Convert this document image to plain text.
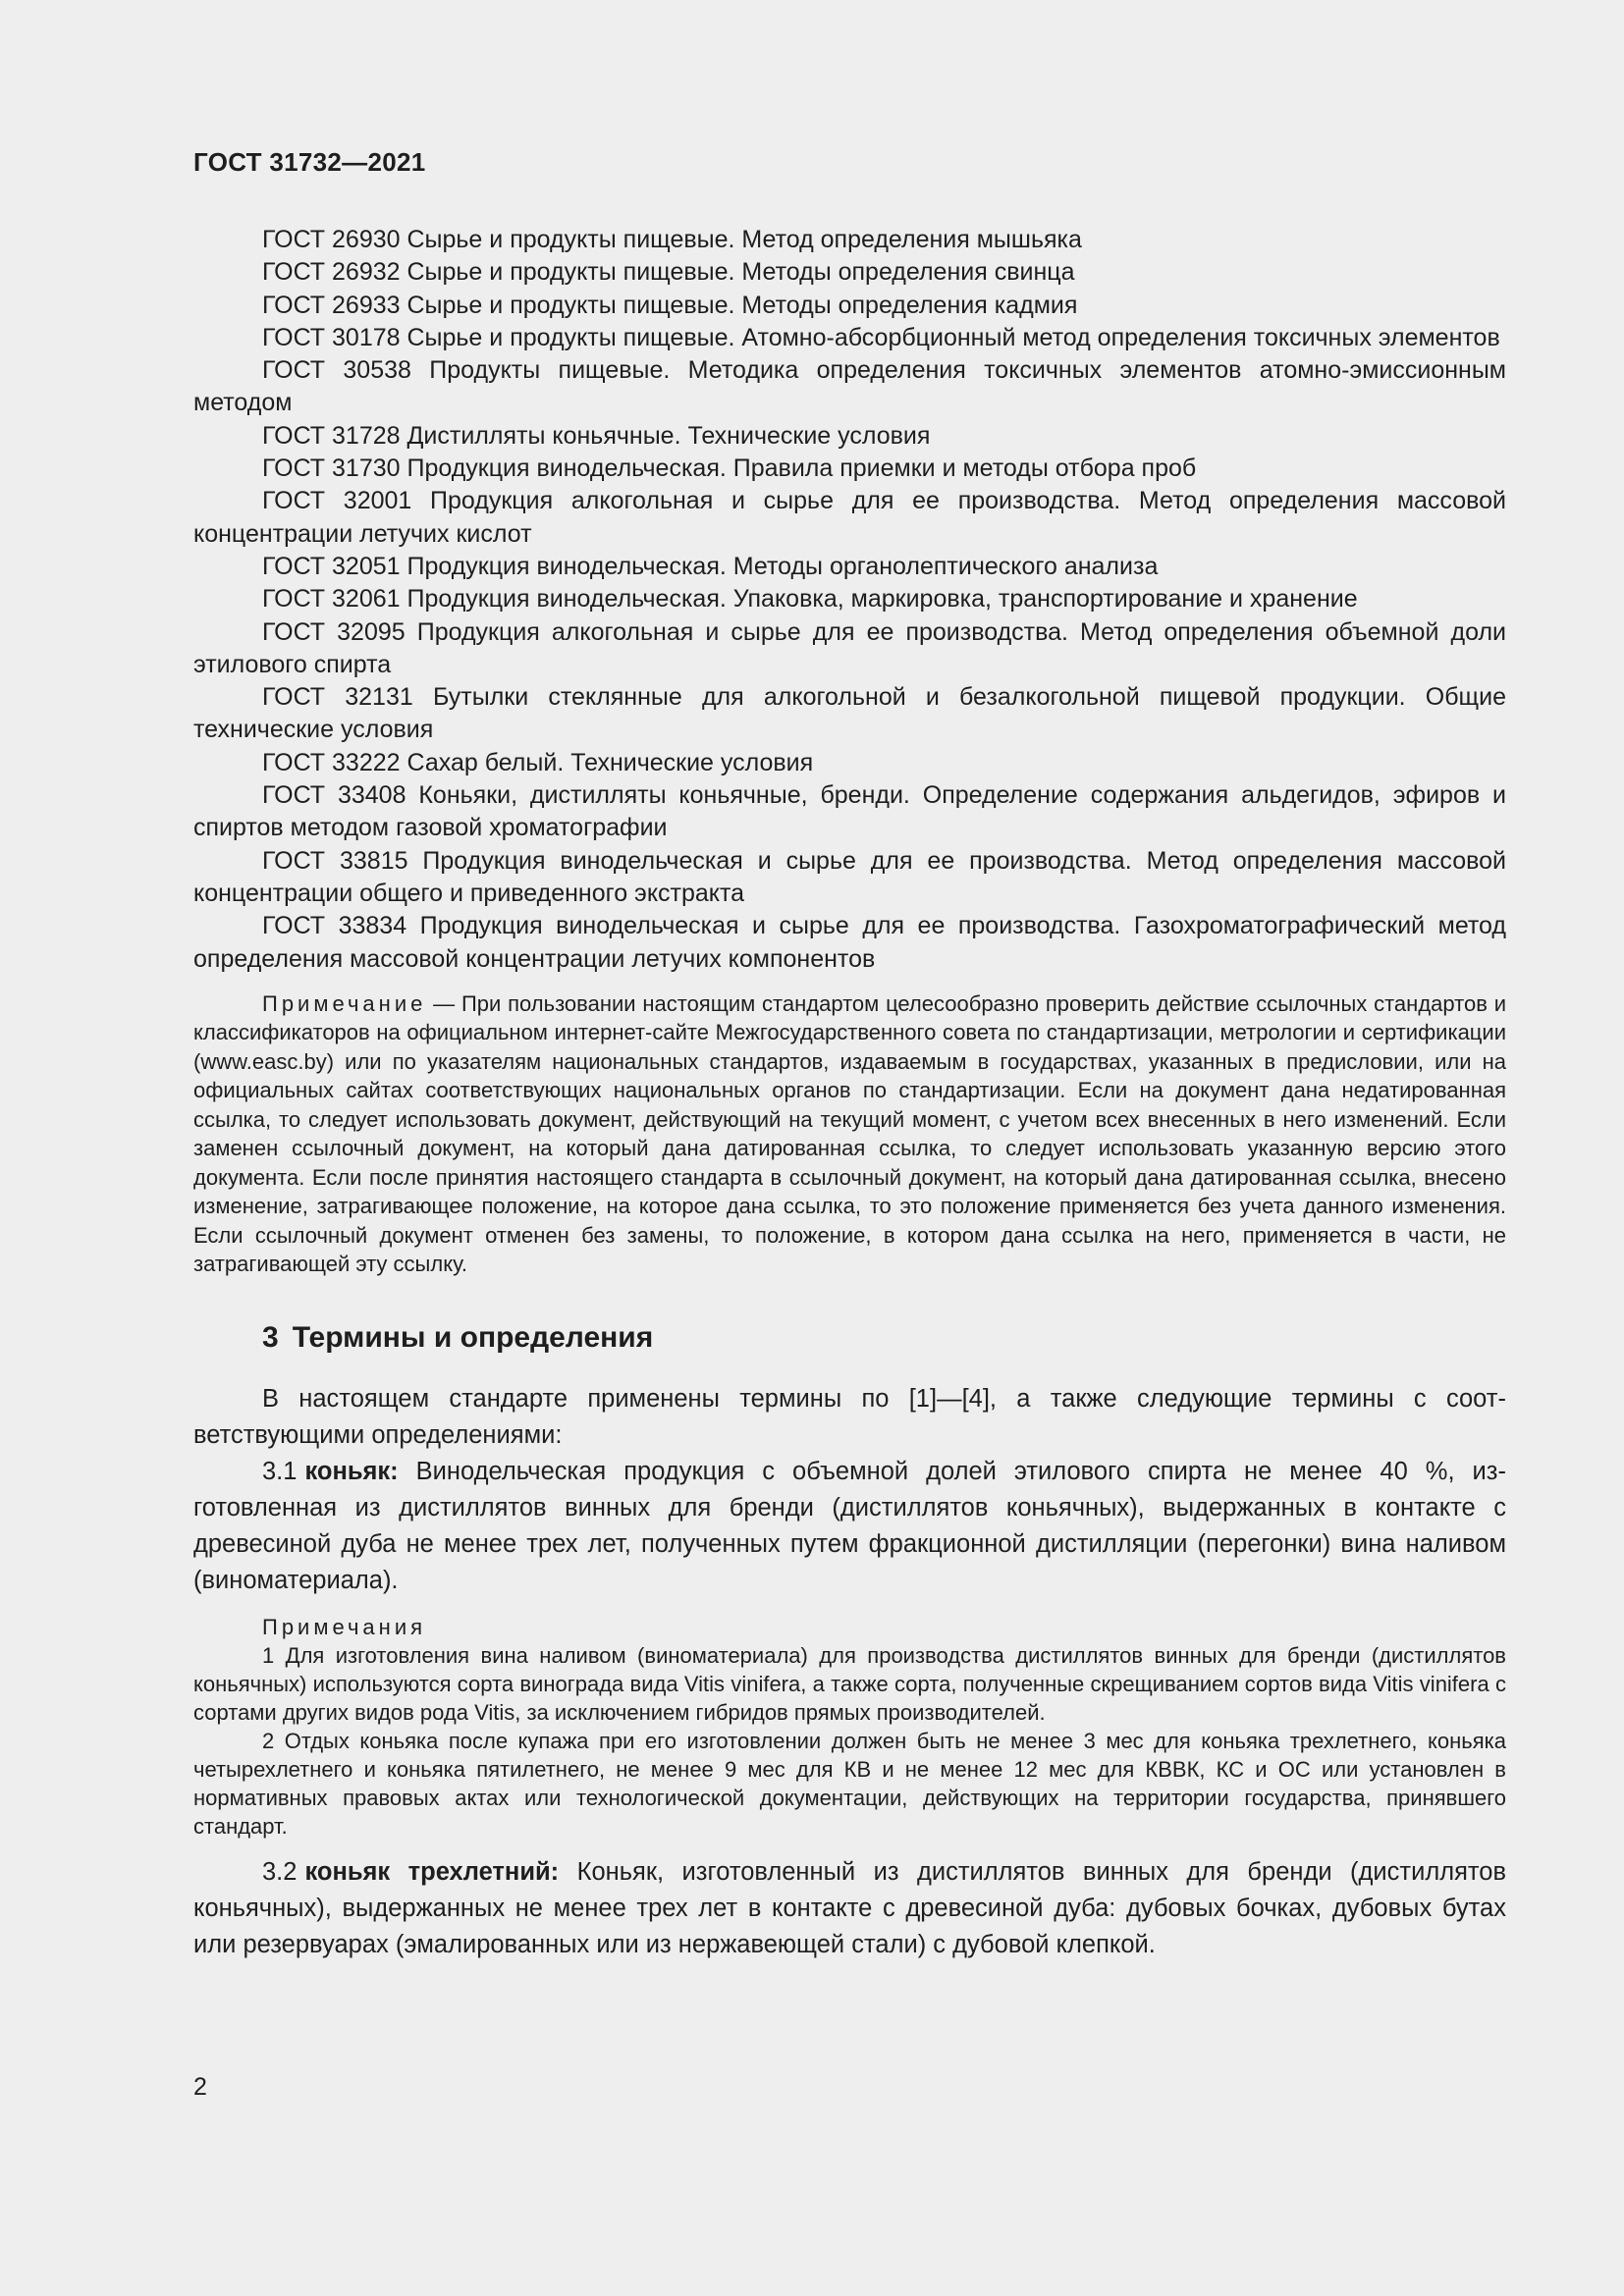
ГОСТ 31732—2021

ГОСТ 26930 Сырье и продукты пищевые. Метод определения мышьяка

ГОСТ 26932 Сырье и продукты пищевые. Методы определения свинца

ГОСТ 26933 Сырье и продукты пищевые. Методы определения кадмия

ГОСТ 30178 Сырье и продукты пищевые. Атомно-абсорбционный метод определения токсичных элементов

ГОСТ 30538 Продукты пищевые. Методика определения токсичных элементов атомно-эмиссионным методом

ГОСТ 31728 Дистилляты коньячные. Технические условия

ГОСТ 31730 Продукция винодельческая. Правила приемки и методы отбора проб

ГОСТ 32001 Продукция алкогольная и сырье для ее производства. Метод определения массовой концентрации летучих кислот

ГОСТ 32051 Продукция винодельческая. Методы органолептического анализа

ГОСТ 32061 Продукция винодельческая. Упаковка, маркировка, транспортирование и хранение

ГОСТ 32095 Продукция алкогольная и сырье для ее производства. Метод определения объемной доли этилового спирта

ГОСТ 32131 Бутылки стеклянные для алкогольной и безалкогольной пищевой продукции. Общие технические условия

ГОСТ 33222 Сахар белый. Технические условия

ГОСТ 33408 Коньяки, дистилляты коньячные, бренди. Определение содержания альдегидов, эфиров и спиртов методом газовой хроматографии

ГОСТ 33815 Продукция винодельческая и сырье для ее производства. Метод определения массовой концентрации общего и приведенного экстракта

ГОСТ 33834 Продукция винодельческая и сырье для ее производства. Газохроматографический метод определения массовой концентрации летучих компонентов

Примечание — При пользовании настоящим стандартом целесообразно проверить действие ссылочных стандартов и классификаторов на официальном интернет-сайте Межгосударственного совета по стандартизации, метрологии и сертификации (www.easc.by) или по указателям национальных стандартов, издаваемым в государствах, указанных в предисловии, или на официальных сайтах соответствующих национальных органов по стандартизации. Если на документ дана недатированная ссылка, то следует использовать документ, действующий на текущий момент, с учетом всех внесенных в него изменений. Если заменен ссылочный документ, на который дана датированная ссылка, то следует использовать указанную версию этого документа. Если после принятия настоящего стандарта в ссылочный документ, на который дана датированная ссылка, внесено изменение, затрагивающее положение, на которое дана ссылка, то это положение применяется без учета данного изменения. Если ссылочный документ отменен без замены, то положение, в котором дана ссылка на него, применяется в части, не затрагивающей эту ссылку.

3 Термины и определения

В настоящем стандарте применены термины по [1]—[4], а также следующие термины с соответствующими определениями:

3.1 коньяк: Винодельческая продукция с объемной долей этилового спирта не менее 40 %, изготовленная из дистиллятов винных для бренди (дистиллятов коньячных), выдержанных в контакте с древесиной дуба не менее трех лет, полученных путем фракционной дистилляции (перегонки) вина наливом (виноматериала).

Примечания

1 Для изготовления вина наливом (виноматериала) для производства дистиллятов винных для бренди (дистиллятов коньячных) используются сорта винограда вида Vitis vinifera, а также сорта, полученные скрещиванием сортов вида Vitis vinifera с сортами других видов рода Vitis, за исключением гибридов прямых производителей.

2 Отдых коньяка после купажа при его изготовлении должен быть не менее 3 мес для коньяка трехлетнего, коньяка четырехлетнего и коньяка пятилетнего, не менее 9 мес для КВ и не менее 12 мес для КВВК, КС и ОС или установлен в нормативных правовых актах или технологической документации, действующих на территории государства, принявшего стандарт.

3.2 коньяк трехлетний: Коньяк, изготовленный из дистиллятов винных для бренди (дистиллятов коньячных), выдержанных не менее трех лет в контакте с древесиной дуба: дубовых бочках, дубовых бутах или резервуарах (эмалированных или из нержавеющей стали) с дубовой клепкой.

2
